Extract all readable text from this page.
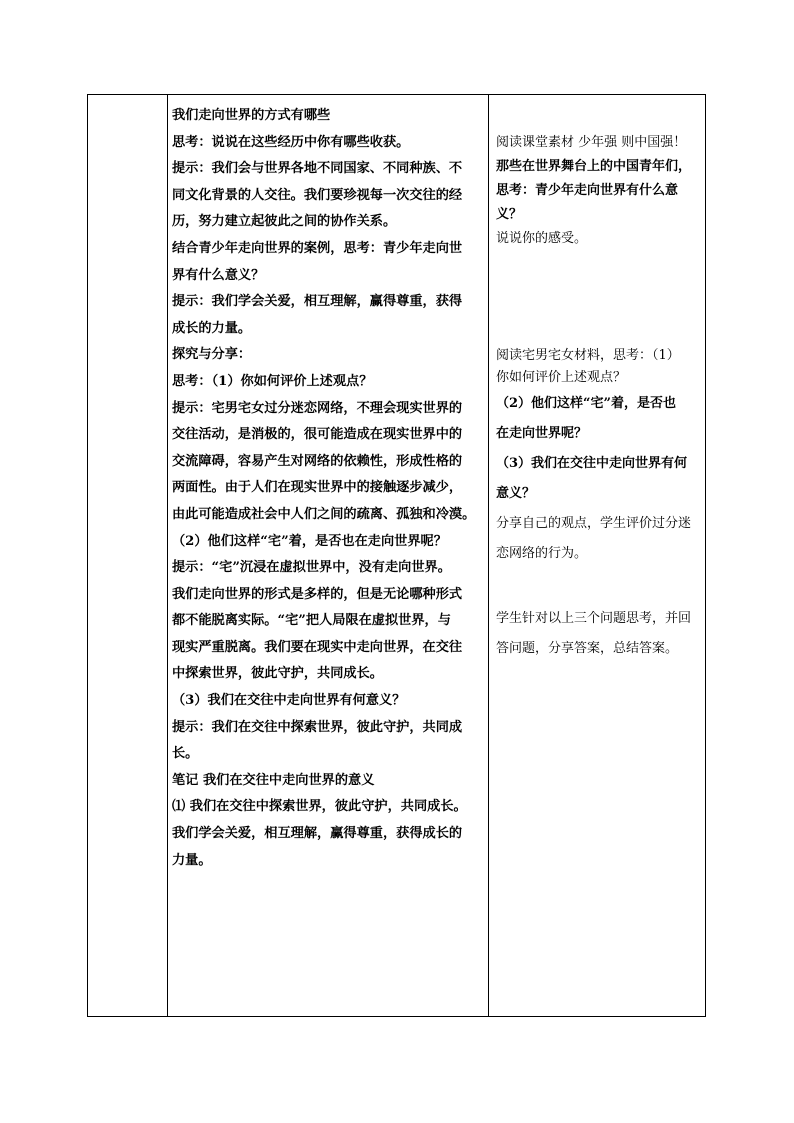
我们走向世界的方式有哪些
思考：说说在这些经历中你有哪些收获。
提示：我们会与世界各地不同国家、不同种族、不
同文化背景的人交往。我们要珍视每一次交往的经
历，努力建立起彼此之间的协作关系。
结合青少年走向世界的案例，思考：青少年走向世
界有什么意义？
提示：我们学会关爱，相互理解，赢得尊重，获得
成长的力量。
探究与分享：
思考：（1）你如何评价上述观点？
提示：宅男宅女过分迷恋网络，不理会现实世界的
交往活动，是消极的，很可能造成在现实世界中的
交流障碍，容易产生对网络的依赖性，形成性格的
两面性。由于人们在现实世界中的接触逐步减少，
由此可能造成社会中人们之间的疏离、孤独和冷漠。
（2）他们这样“宅”着，是否也在走向世界呢？
提示：“宅”沉浸在虚拟世界中，没有走向世界。
我们走向世界的形式是多样的，但是无论哪种形式
都不能脱离实际。“宅”把人局限在虚拟世界，与
现实严重脱离。我们要在现实中走向世界，在交往
中探索世界，彼此守护，共同成长。
（3）我们在交往中走向世界有何意义？
提示：我们在交往中探索世界，彼此守护，共同成
长。
笔记 我们在交往中走向世界的意义
⑴ 我们在交往中探索世界，彼此守护，共同成长。
我们学会关爱，相互理解，赢得尊重，获得成长的
力量。
阅读课堂素材 少年强 则中国强！
那些在世界舞台上的中国青年们，
思考：青少年走向世界有什么意
义？
说说你的感受。
阅读宅男宅女材料，思考：（1）
你如何评价上述观点？
（2）他们这样“宅”着，是否也
在走向世界呢？
（3）我们在交往中走向世界有何
意义？
分享自己的观点，学生评价过分迷
恋网络的行为。
学生针对以上三个问题思考，并回
答问题，分享答案，总结答案。
